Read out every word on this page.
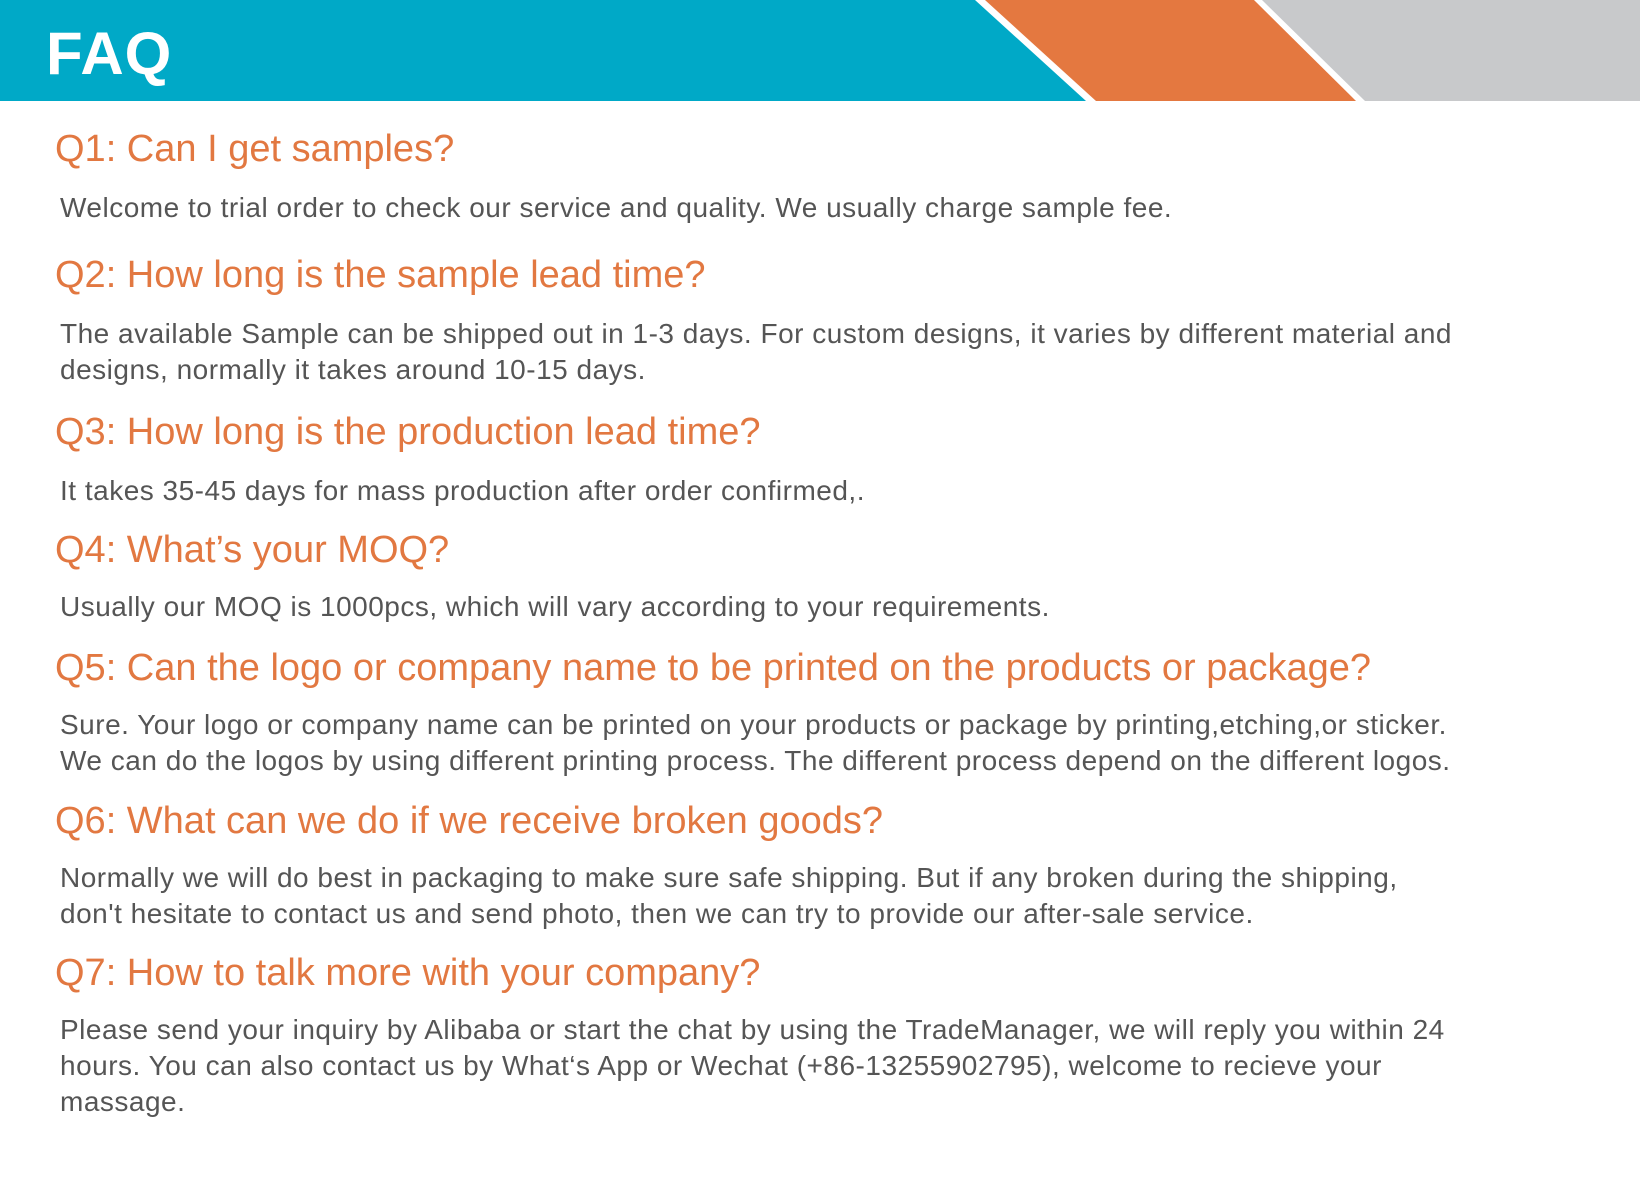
FAQ
Q1: Can I get samples?

Welcome to trial order to check our service and quality. We usually charge sample fee.

Q2: How long is the sample lead time?

The available Sample can be shipped out in 1-3 days. For custom designs, it varies by different material and
designs, normally it takes around 10-15 days.

Q3: How long is the production lead time?

It takes 35-45 days for mass production after order confirmed,.

Q4: What’s your MOQ?

Usually our MOQ is 1000pcs, which will vary according to your requirements.

Q5: Can the logo or company name to be printed on the products or package?

Sure. Your logo or company name can be printed on your products or package by printing,etching,or sticker.
We can do the logos by using different printing process. The different process depend on the different logos.

Q6: What can we do if we receive broken goods?

Normally we will do best in packaging to make sure safe shipping. But if any broken during the shipping,
don't hesitate to contact us and send photo, then we can try to provide our after-sale service.

Q7: How to talk more with your company?

Please send your inquiry by Alibaba or start the chat by using the TradeManager, we will reply you within 24
hours. You can also contact us by What‘s App or Wechat (+86-13255902795), welcome to recieve your
massage.
